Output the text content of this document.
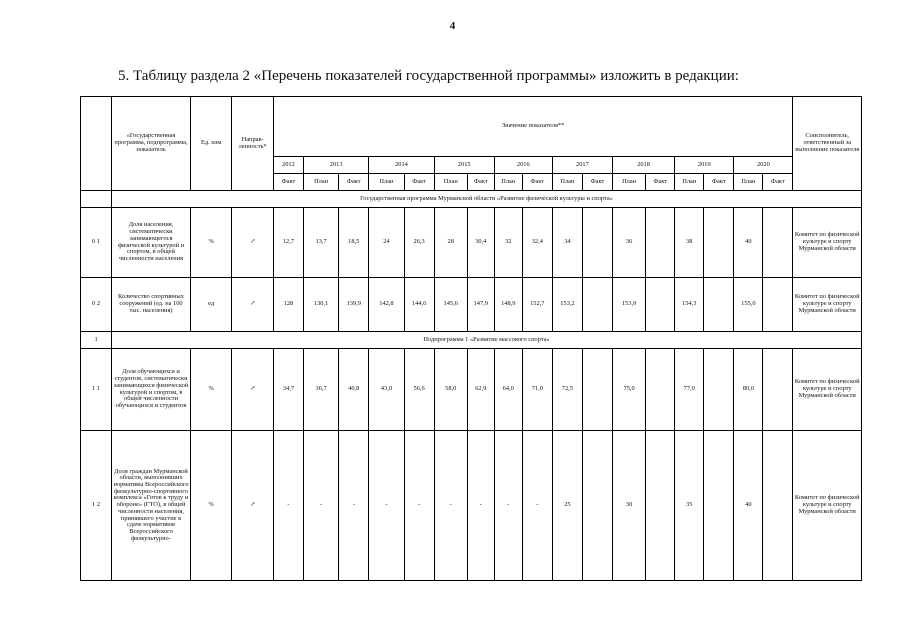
4
5. Таблицу раздела 2 «Перечень показателей государственной программы» изложить в редакции:
	«Государственная программа, подпрограмма, показатель	Ед. изм	Направ-ленность*	Значение показателя**																	Соисполнитель, ответственный за выполнение показателя
				2012	2013		2014		2015		2016		2017		2018		2019		2020		
				Факт	План	Факт	План	Факт	План	Факт	План	Факт	План	Факт	План	Факт	План	Факт	План	Факт	
	Государственная программа Мурманской области «Развитие физической культуры и спорта»																				
0 1	Доля населения, систематически занимающегося физической культурой и спортом, в общей численности населения	%	↗	12,7	13,7	18,5	24	26,3	28	30,4	32	32,4	34		36		38		40		Комитет по физической культуре и спорту Мурманской области
0 2	Количество спортивных сооружений (ед. на 100 тыс. населения)	ед	↗	128	130,1	139,9	142,8	144,6	145,6	147,9	148,9	152,7	153,2		153,9		154,3		155,0		Комитет по физической культуре и спорту Мурманской области
1	Подпрограмма 1 «Развитие массового спорта»																				
1 1	Доля обучающихся и студентов, систематически занимающихся физической культурой и спортом, в общей численности обучающихся и студентов	%	↗	34,7	36,7	40,8	43,0	56,6	58,0	62,9	64,0	71,0	72,5		75,0		77,0		80,0		Комитет по физической культуре и спорту Мурманской области
1 2	Доля граждан Мурманской области, выполнивших нормативы Всероссийского физкультурно-спортивного комплекса «Готов к труду и обороне» (ГТО), в общей численности населения, принявшего участие в сдаче нормативов Всероссийского физкультурно-	%	↗	-	-	-	-	-	-	-	-	-	25		30		35		40		Комитет по физической культуре и спорту Мурманской области
